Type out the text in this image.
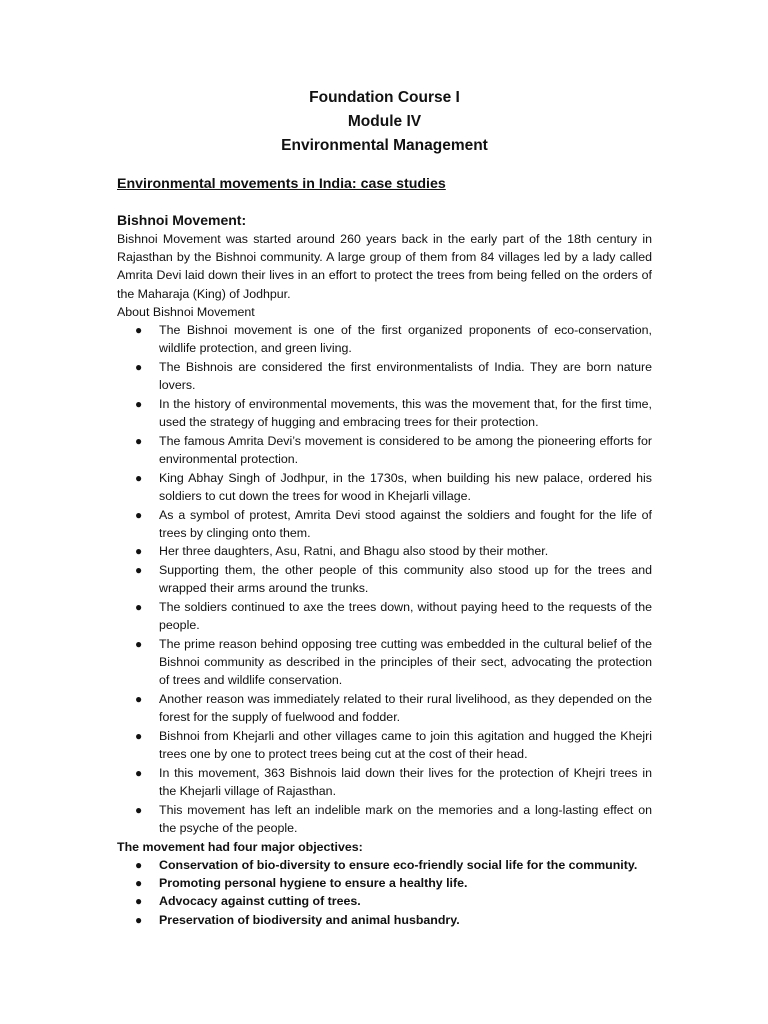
Foundation Course I
Module IV
Environmental Management
Environmental movements in India: case studies
Bishnoi Movement:

Bishnoi Movement was started around 260 years back in the early part of the 18th century in Rajasthan by the Bishnoi community. A large group of them from 84 villages led by a lady called Amrita Devi laid down their lives in an effort to protect the trees from being felled on the orders of the Maharaja (King) of Jodhpur.

About Bishnoi Movement

● The Bishnoi movement is one of the first organized proponents of eco-conservation, wildlife protection, and green living.
● The Bishnois are considered the first environmentalists of India. They are born nature lovers.
● In the history of environmental movements, this was the movement that, for the first time, used the strategy of hugging and embracing trees for their protection.
● The famous Amrita Devi’s movement is considered to be among the pioneering efforts for environmental protection.
● King Abhay Singh of Jodhpur, in the 1730s, when building his new palace, ordered his soldiers to cut down the trees for wood in Khejarli village.
● As a symbol of protest, Amrita Devi stood against the soldiers and fought for the life of trees by clinging onto them.
● Her three daughters, Asu, Ratni, and Bhagu also stood by their mother.
● Supporting them, the other people of this community also stood up for the trees and wrapped their arms around the trunks.
● The soldiers continued to axe the trees down, without paying heed to the requests of the people.
● The prime reason behind opposing tree cutting was embedded in the cultural belief of the Bishnoi community as described in the principles of their sect, advocating the protection of trees and wildlife conservation.
● Another reason was immediately related to their rural livelihood, as they depended on the forest for the supply of fuelwood and fodder.
● Bishnoi from Khejarli and other villages came to join this agitation and hugged the Khejri trees one by one to protect trees being cut at the cost of their head.
● In this movement, 363 Bishnois laid down their lives for the protection of Khejri trees in the Khejarli village of Rajasthan.
● This movement has left an indelible mark on the memories and a long-lasting effect on the psyche of the people.

The movement had four major objectives:

● Conservation of bio-diversity to ensure eco-friendly social life for the community.
● Promoting personal hygiene to ensure a healthy life.
● Advocacy against cutting of trees.
● Preservation of biodiversity and animal husbandry.
